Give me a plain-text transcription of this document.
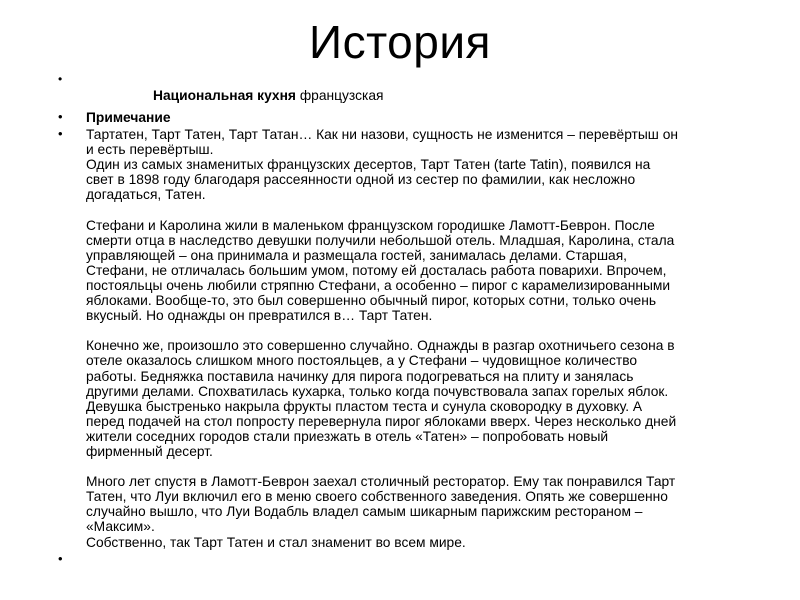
История
•
Национальная кухня французская
• Примечание
• Тартатен, Тарт Татен, Тарт Татан… Как ни назови, сущность не изменится – перевёртыш он
и есть перевёртыш.
Один из самых знаменитых французских десертов, Тарт Татен (tarte Tatin), появился на
свет в 1898 году благодаря рассеянности одной из сестер по фамилии, как несложно
догадаться, Татен.

Стефани и Каролина жили в маленьком французском городишке Ламотт-Беврон. После
смерти отца в наследство девушки получили небольшой отель. Младшая, Каролина, стала
управляющей – она принимала и размещала гостей, занималась делами. Старшая,
Стефани, не отличалась большим умом, потому ей досталась работа поварихи. Впрочем,
постояльцы очень любили стряпню Стефани, а особенно – пирог с карамелизированными
яблоками. Вообще-то, это был совершенно обычный пирог, которых сотни, только очень
вкусный. Но однажды он превратился в… Тарт Татен.

Конечно же, произошло это совершенно случайно. Однажды в разгар охотничьего сезона в
отеле оказалось слишком много постояльцев, а у Стефани – чудовищное количество
работы. Бедняжка поставила начинку для пирога подогреваться на плиту и занялась
другими делами. Спохватилась кухарка, только когда почувствовала запах горелых яблок.
Девушка быстренько накрыла фрукты пластом теста и сунула сковородку в духовку. А
перед подачей на стол попросту перевернула пирог яблоками вверх. Через несколько дней
жители соседних городов стали приезжать в отель «Татен» – попробовать новый
фирменный десерт.

Много лет спустя в Ламотт-Беврон заехал столичный ресторатор. Ему так понравился Тарт
Татен, что Луи включил его в меню своего собственного заведения. Опять же совершенно
случайно вышло, что Луи Водабль владел самым шикарным парижским рестораном –
«Максим».
Собственно, так Тарт Татен и стал знаменит во всем мире.

•
